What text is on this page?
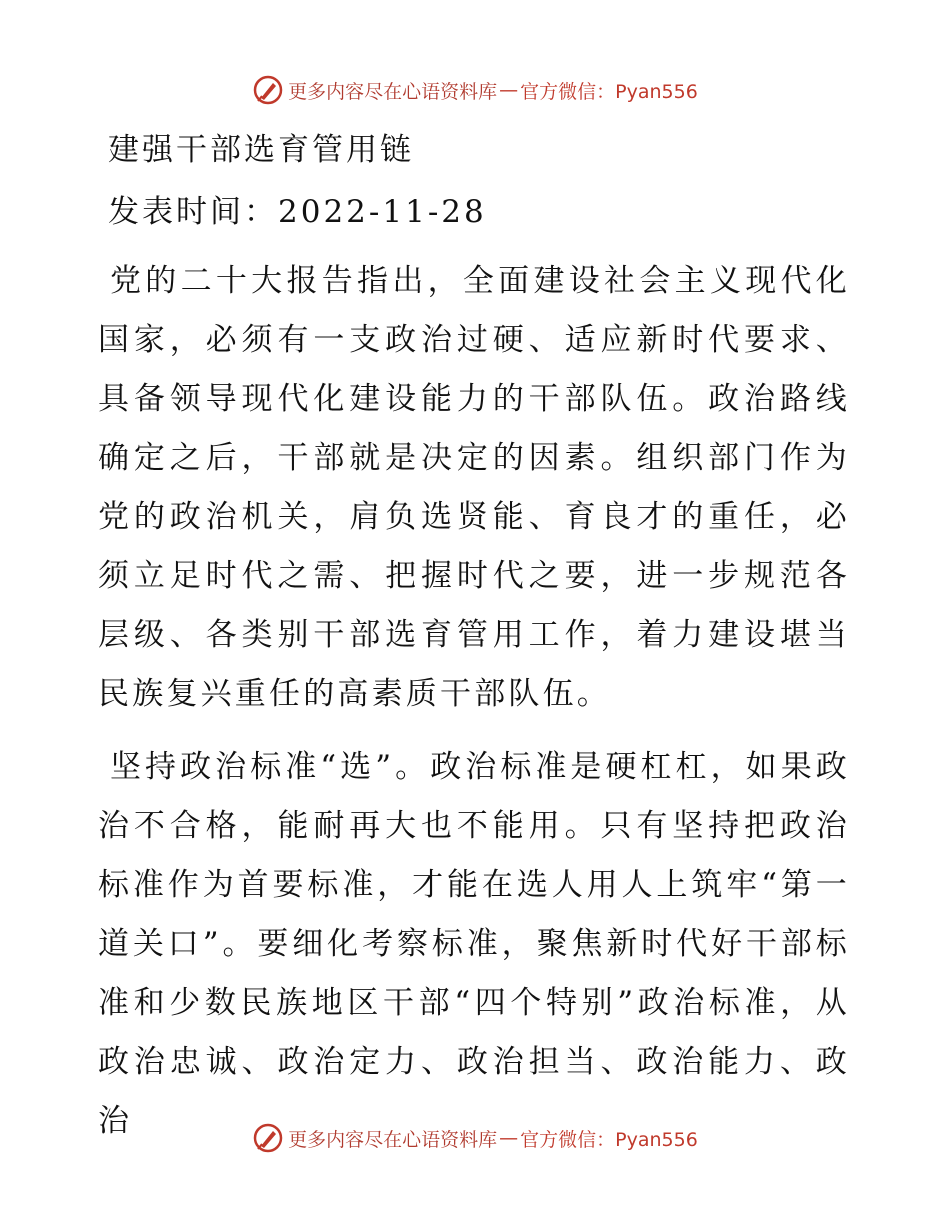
更多内容尽在心语资料库 — 官方微信：Pyan556
建强干部选育管用链
发表时间：2022-11-28

党的二十大报告指出，全面建设社会主义现代化国家，必须有一支政治过硬、适应新时代要求、具备领导现代化建设能力的干部队伍。政治路线确定之后，干部就是决定的因素。组织部门作为党的政治机关，肩负选贤能、育良才的重任，必须立足时代之需、把握时代之要，进一步规范各层级、各类别干部选育管用工作，着力建设堪当民族复兴重任的高素质干部队伍。

坚持政治标准“选”。政治标准是硬杠杠，如果政治不合格，能耐再大也不能用。只有坚持把政治标准作为首要标准，才能在选人用人上筑牢“第一道关口”。要细化考察标准，聚焦新时代好干部标准和少数民族地区干部“四个特别”政治标准，从政治忠诚、政治定力、政治担当、政治能力、政治

更多内容尽在心语资料库 — 官方微信：Pyan556
